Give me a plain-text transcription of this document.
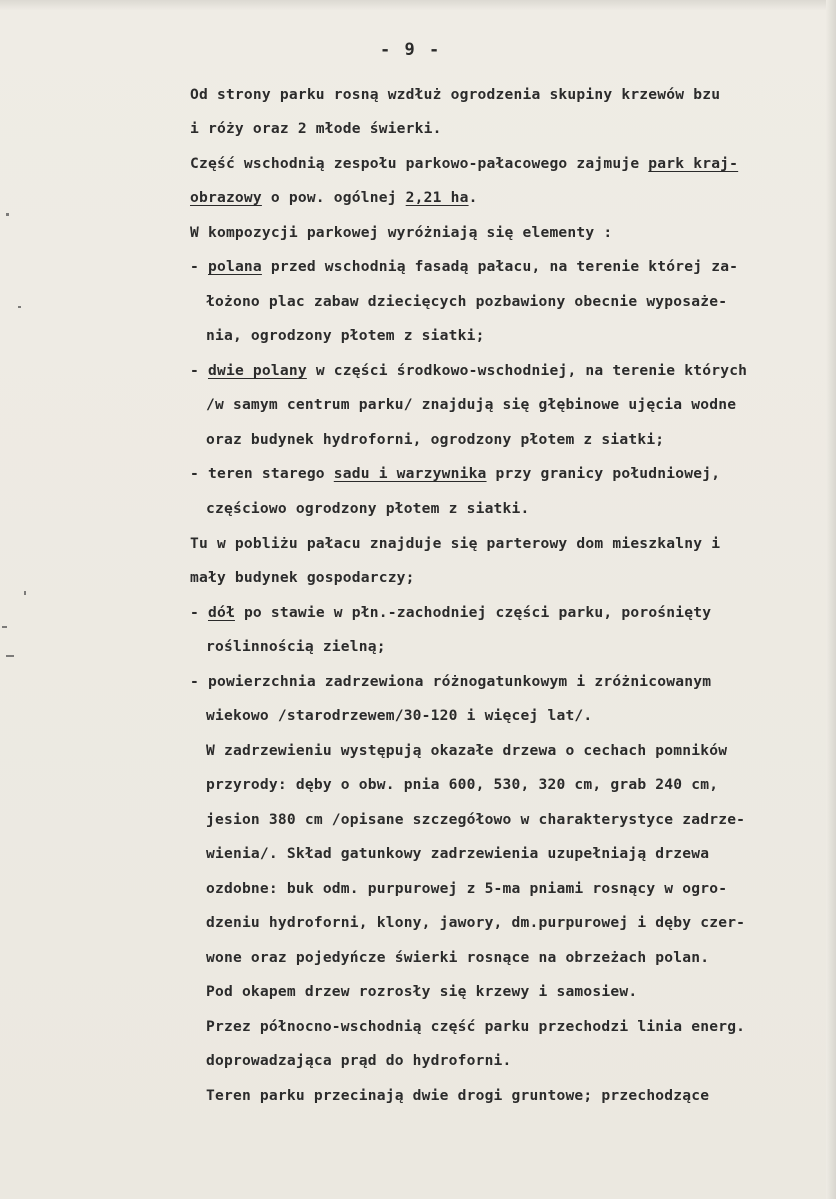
- 9 -
Od strony parku rosną wzdłuż ogrodzenia skupiny krzewów bzu
i róży oraz 2 młode świerki.
Część wschodnią zespołu parkowo-pałacowego zajmuje park kraj-
obrazowy o pow. ogólnej 2,21 ha.
W kompozycji parkowej wyróżniają się elementy :
- polana przed wschodnią fasadą pałacu, na terenie której za-
łożono plac zabaw dziecięcych pozbawiony obecnie wyposaże-
nia, ogrodzony płotem z siatki;
- dwie polany w części środkowo-wschodniej, na terenie których
/w samym centrum parku/ znajdują się głębinowe ujęcia wodne
oraz budynek hydroforni, ogrodzony płotem z siatki;
- teren starego sadu i warzywnika przy granicy południowej,
częściowo ogrodzony płotem z siatki.
Tu w pobliżu pałacu znajduje się parterowy dom mieszkalny i
mały budynek gospodarczy;
- dół po stawie w płn.-zachodniej części parku, porośnięty
roślinnością zielną;
- powierzchnia zadrzewiona różnogatunkowym i zróżnicowanym
wiekowo /starodrzewem/30-120 i więcej lat/.
W zadrzewieniu występują okazałe drzewa o cechach pomników
przyrody: dęby o obw. pnia 600, 530, 320 cm, grab 240 cm,
jesion 380 cm /opisane szczegółowo w charakterystyce zadrze-
wienia/. Skład gatunkowy zadrzewienia uzupełniają drzewa
ozdobne: buk odm. purpurowej z 5-ma pniami rosnący w ogro-
dzeniu hydroforni, klony, jawory, dm.purpurowej i dęby czer-
wone oraz pojedyńcze świerki rosnące na obrzeżach polan.
Pod okapem drzew rozrosły się krzewy i samosiew.
Przez północno-wschodnią część parku przechodzi linia energ.
doprowadzająca prąd do hydroforni.
Teren parku przecinają dwie drogi gruntowe; przechodzące
